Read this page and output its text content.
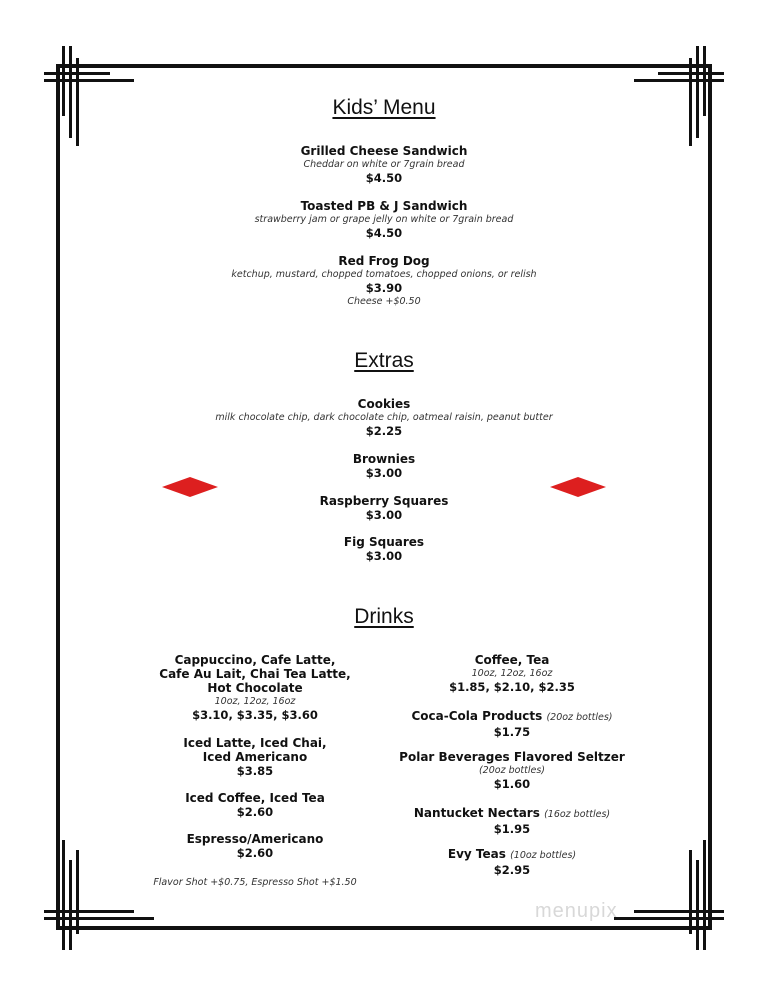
Kids’ Menu
Grilled Cheese Sandwich
Cheddar on white or 7grain bread
$4.50
Toasted PB & J Sandwich
strawberry jam or grape jelly on white or 7grain bread
$4.50
Red Frog Dog
ketchup, mustard, chopped tomatoes, chopped onions, or relish
$3.90
Cheese +$0.50
Extras
Cookies
milk chocolate chip, dark chocolate chip, oatmeal raisin, peanut butter
$2.25
Brownies
$3.00
Raspberry Squares
$3.00
Fig Squares
$3.00
Drinks
Cappuccino, Cafe Latte,
Cafe Au Lait, Chai Tea Latte,
Hot Chocolate
10oz, 12oz, 16oz
$3.10, $3.35, $3.60
Iced Latte, Iced Chai,
Iced Americano
$3.85
Iced Coffee, Iced Tea
$2.60
Espresso/Americano
$2.60
Flavor Shot +$0.75, Espresso Shot +$1.50
Coffee, Tea
10oz, 12oz, 16oz
$1.85, $2.10, $2.35
Coca-Cola Products (20oz bottles)
$1.75
Polar Beverages Flavored Seltzer
(20oz bottles)
$1.60
Nantucket Nectars (16oz bottles)
$1.95
Evy Teas (10oz bottles)
$2.95
menupix
